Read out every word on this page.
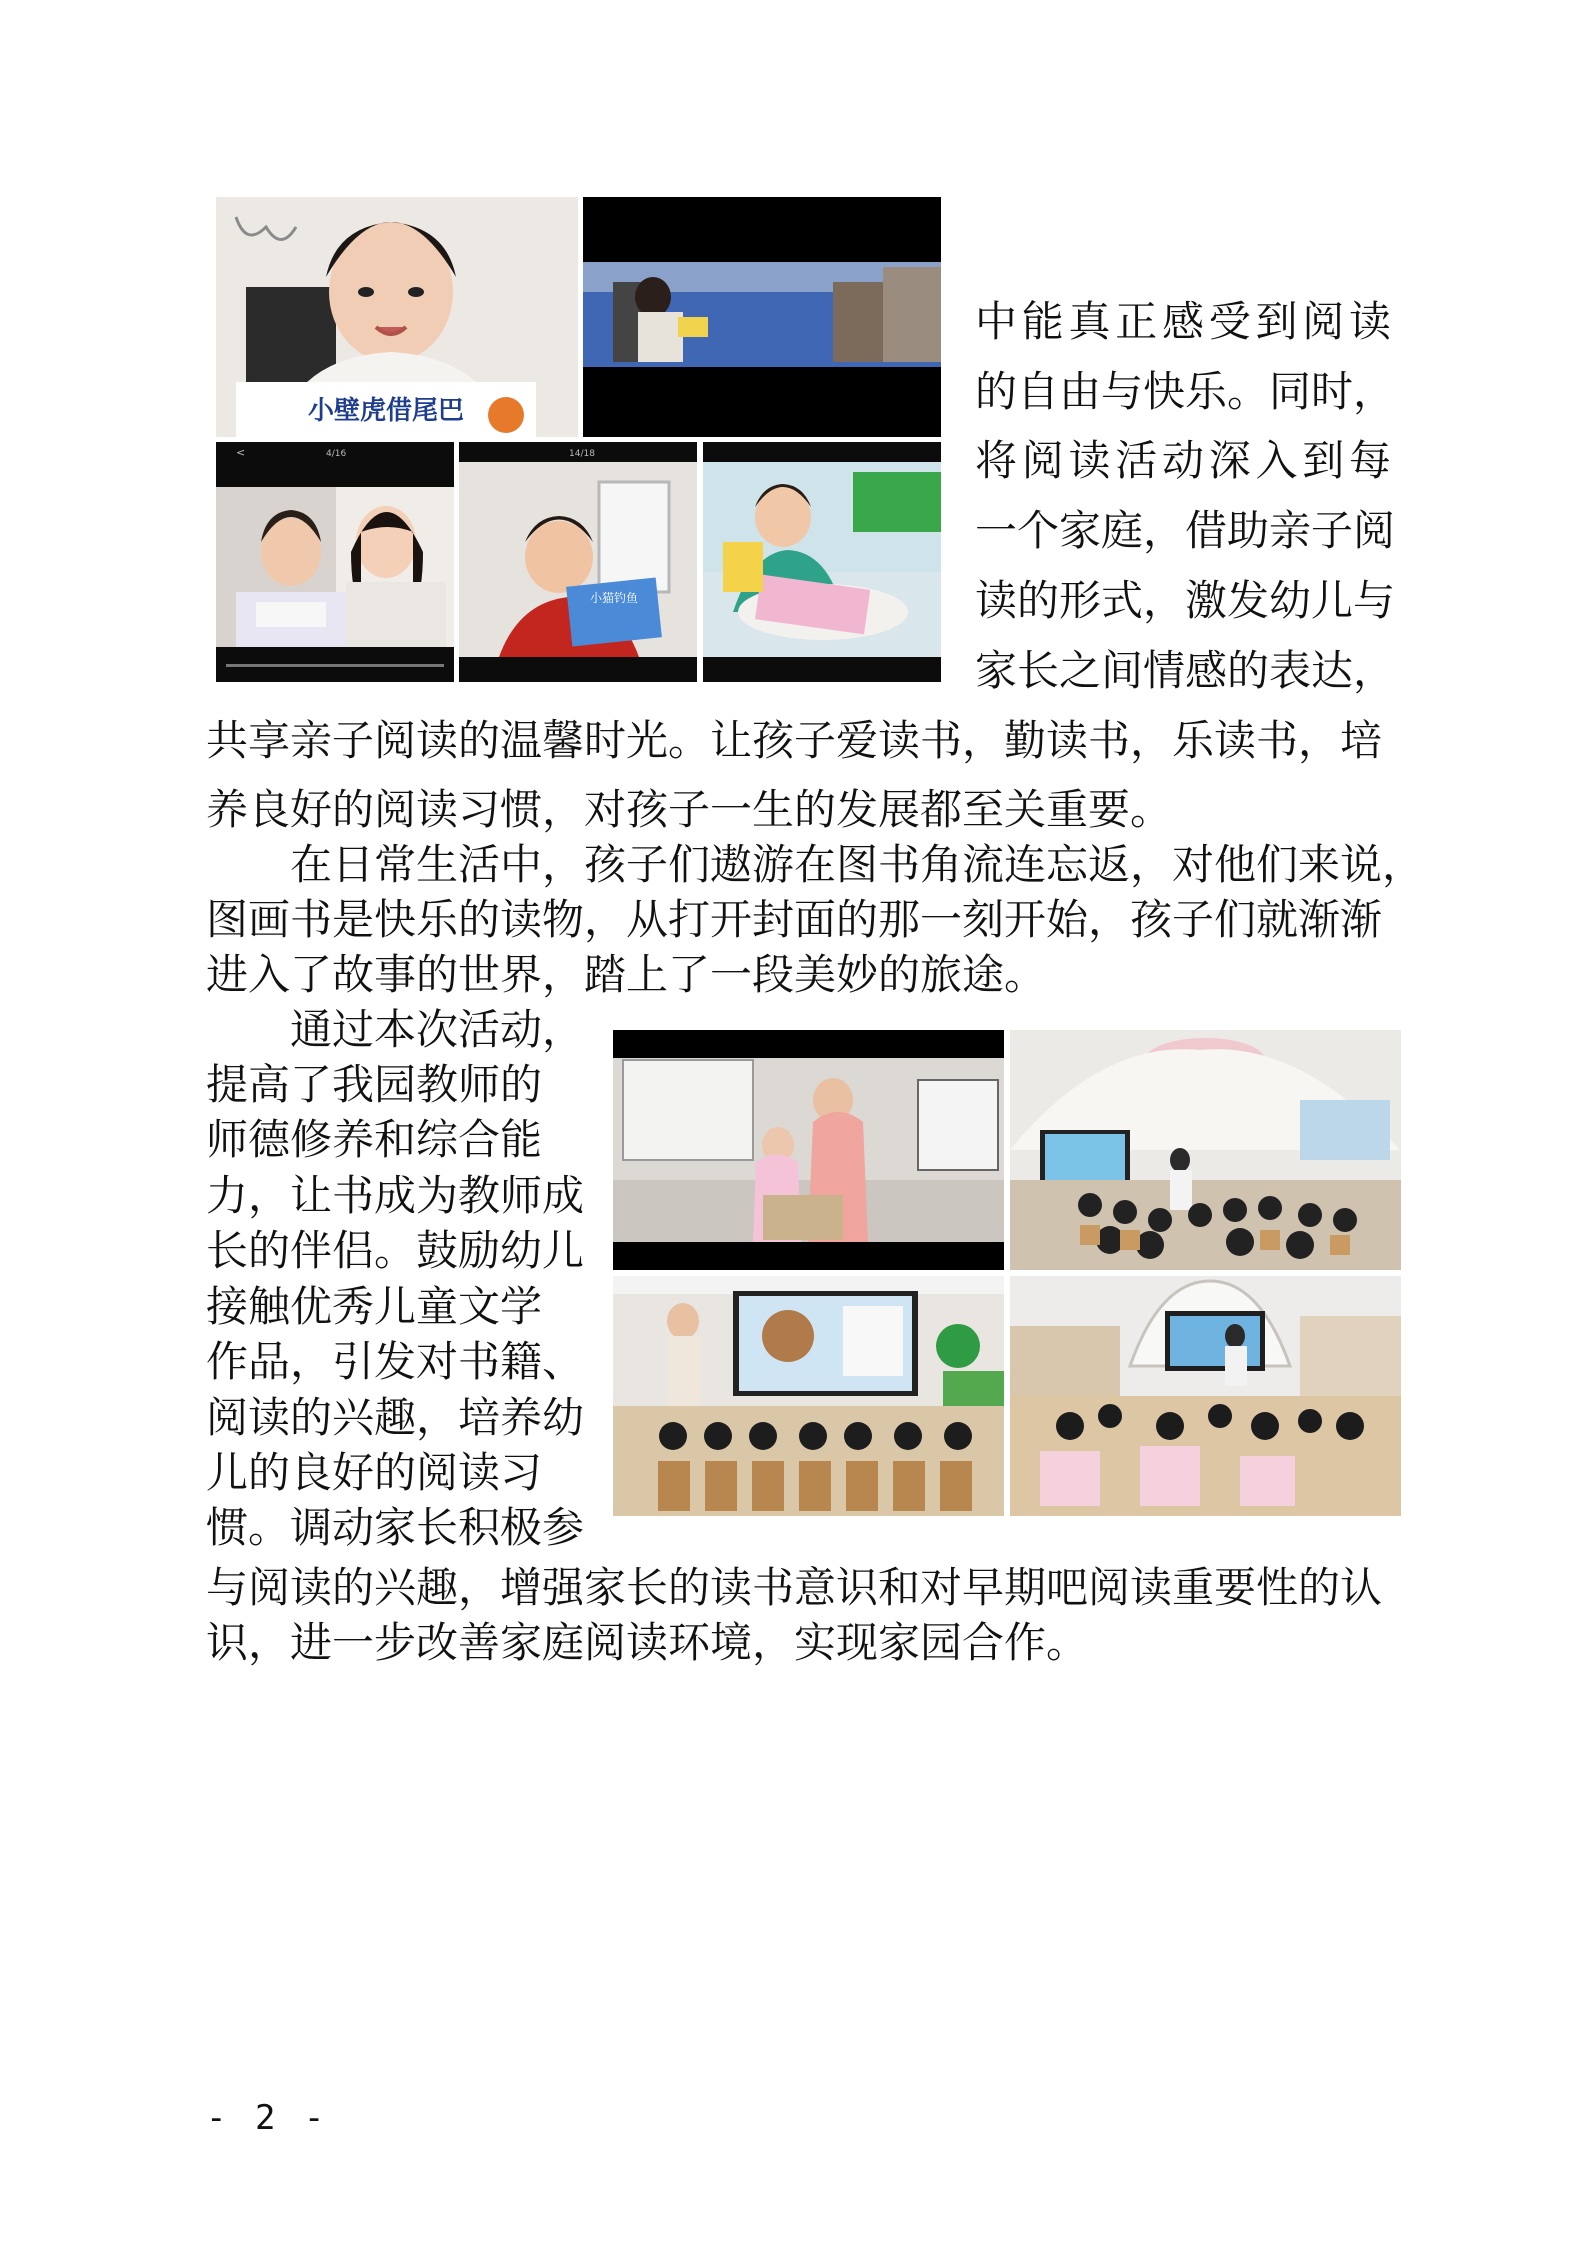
小壁虎借尾巴
<	4/16	14/18
小猫钓鱼
中能真正感受到阅读
的自由与快乐。同时，
将阅读活动深入到每
一个家庭，借助亲子阅
读的形式，激发幼儿与
家长之间情感的表达，
共享亲子阅读的温馨时光。让孩子爱读书，勤读书，乐读书，培
养良好的阅读习惯，对孩子一生的发展都至关重要。
在日常生活中，孩子们遨游在图书角流连忘返，对他们来说，
图画书是快乐的读物，从打开封面的那一刻开始，孩子们就渐渐
进入了故事的世界，踏上了一段美妙的旅途。
通过本次活动，
提高了我园教师的
师德修养和综合能
力，让书成为教师成
长的伴侣。鼓励幼儿
接触优秀儿童文学
作品，引发对书籍、
阅读的兴趣，培养幼
儿的良好的阅读习
惯。调动家长积极参
与阅读的兴趣，增强家长的读书意识和对早期吧阅读重要性的认
识，进一步改善家庭阅读环境，实现家园合作。
- 2 -
